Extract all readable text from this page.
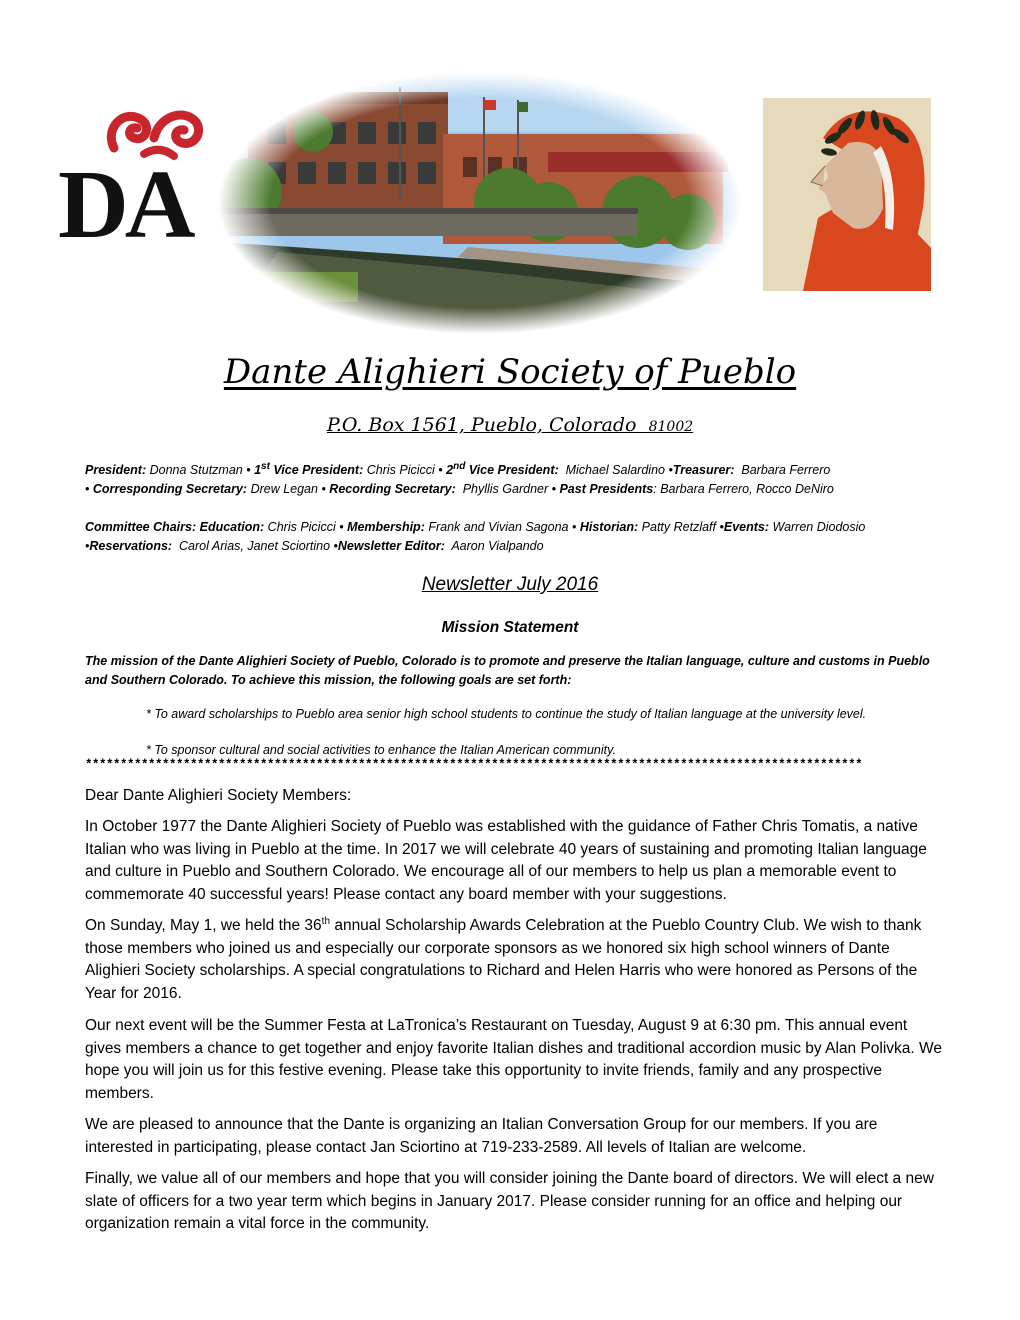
DA
Dante Alighieri Society of Pueblo
P.O. Box 1561, Pueblo, Colorado 81002
President: Donna Stutzman • 1st Vice President: Chris Picicci • 2nd Vice President: Michael Salardino •Treasurer: Barbara Ferrero
• Corresponding Secretary: Drew Legan • Recording Secretary: Phyllis Gardner • Past Presidents: Barbara Ferrero, Rocco DeNiro
Committee Chairs: Education: Chris Picicci • Membership: Frank and Vivian Sagona • Historian: Patty Retzlaff •Events: Warren Diodosio
•Reservations: Carol Arias, Janet Sciortino •Newsletter Editor: Aaron Vialpando
Newsletter July 2016
Mission Statement
The mission of the Dante Alighieri Society of Pueblo, Colorado is to promote and preserve the Italian language, culture and customs in Pueblo and Southern Colorado. To achieve this mission, the following goals are set forth:
* To award scholarships to Pueblo area senior high school students to continue the study of Italian language at the university level.
* To sponsor cultural and social activities to enhance the Italian American community.
***************************************************************************************************************
Dear Dante Alighieri Society Members:
In October 1977 the Dante Alighieri Society of Pueblo was established with the guidance of Father Chris Tomatis, a native Italian who was living in Pueblo at the time. In 2017 we will celebrate 40 years of sustaining and promoting Italian language and culture in Pueblo and Southern Colorado. We encourage all of our members to help us plan a memorable event to commemorate 40 successful years! Please contact any board member with your suggestions.
On Sunday, May 1, we held the 36th annual Scholarship Awards Celebration at the Pueblo Country Club. We wish to thank those members who joined us and especially our corporate sponsors as we honored six high school winners of Dante Alighieri Society scholarships. A special congratulations to Richard and Helen Harris who were honored as Persons of the Year for 2016.
Our next event will be the Summer Festa at LaTronica’s Restaurant on Tuesday, August 9 at 6:30 pm. This annual event gives members a chance to get together and enjoy favorite Italian dishes and traditional accordion music by Alan Polivka. We hope you will join us for this festive evening. Please take this opportunity to invite friends, family and any prospective members.
We are pleased to announce that the Dante is organizing an Italian Conversation Group for our members. If you are interested in participating, please contact Jan Sciortino at 719-233-2589. All levels of Italian are welcome.
Finally, we value all of our members and hope that you will consider joining the Dante board of directors. We will elect a new slate of officers for a two year term which begins in January 2017. Please consider running for an office and helping our organization remain a vital force in the community.
